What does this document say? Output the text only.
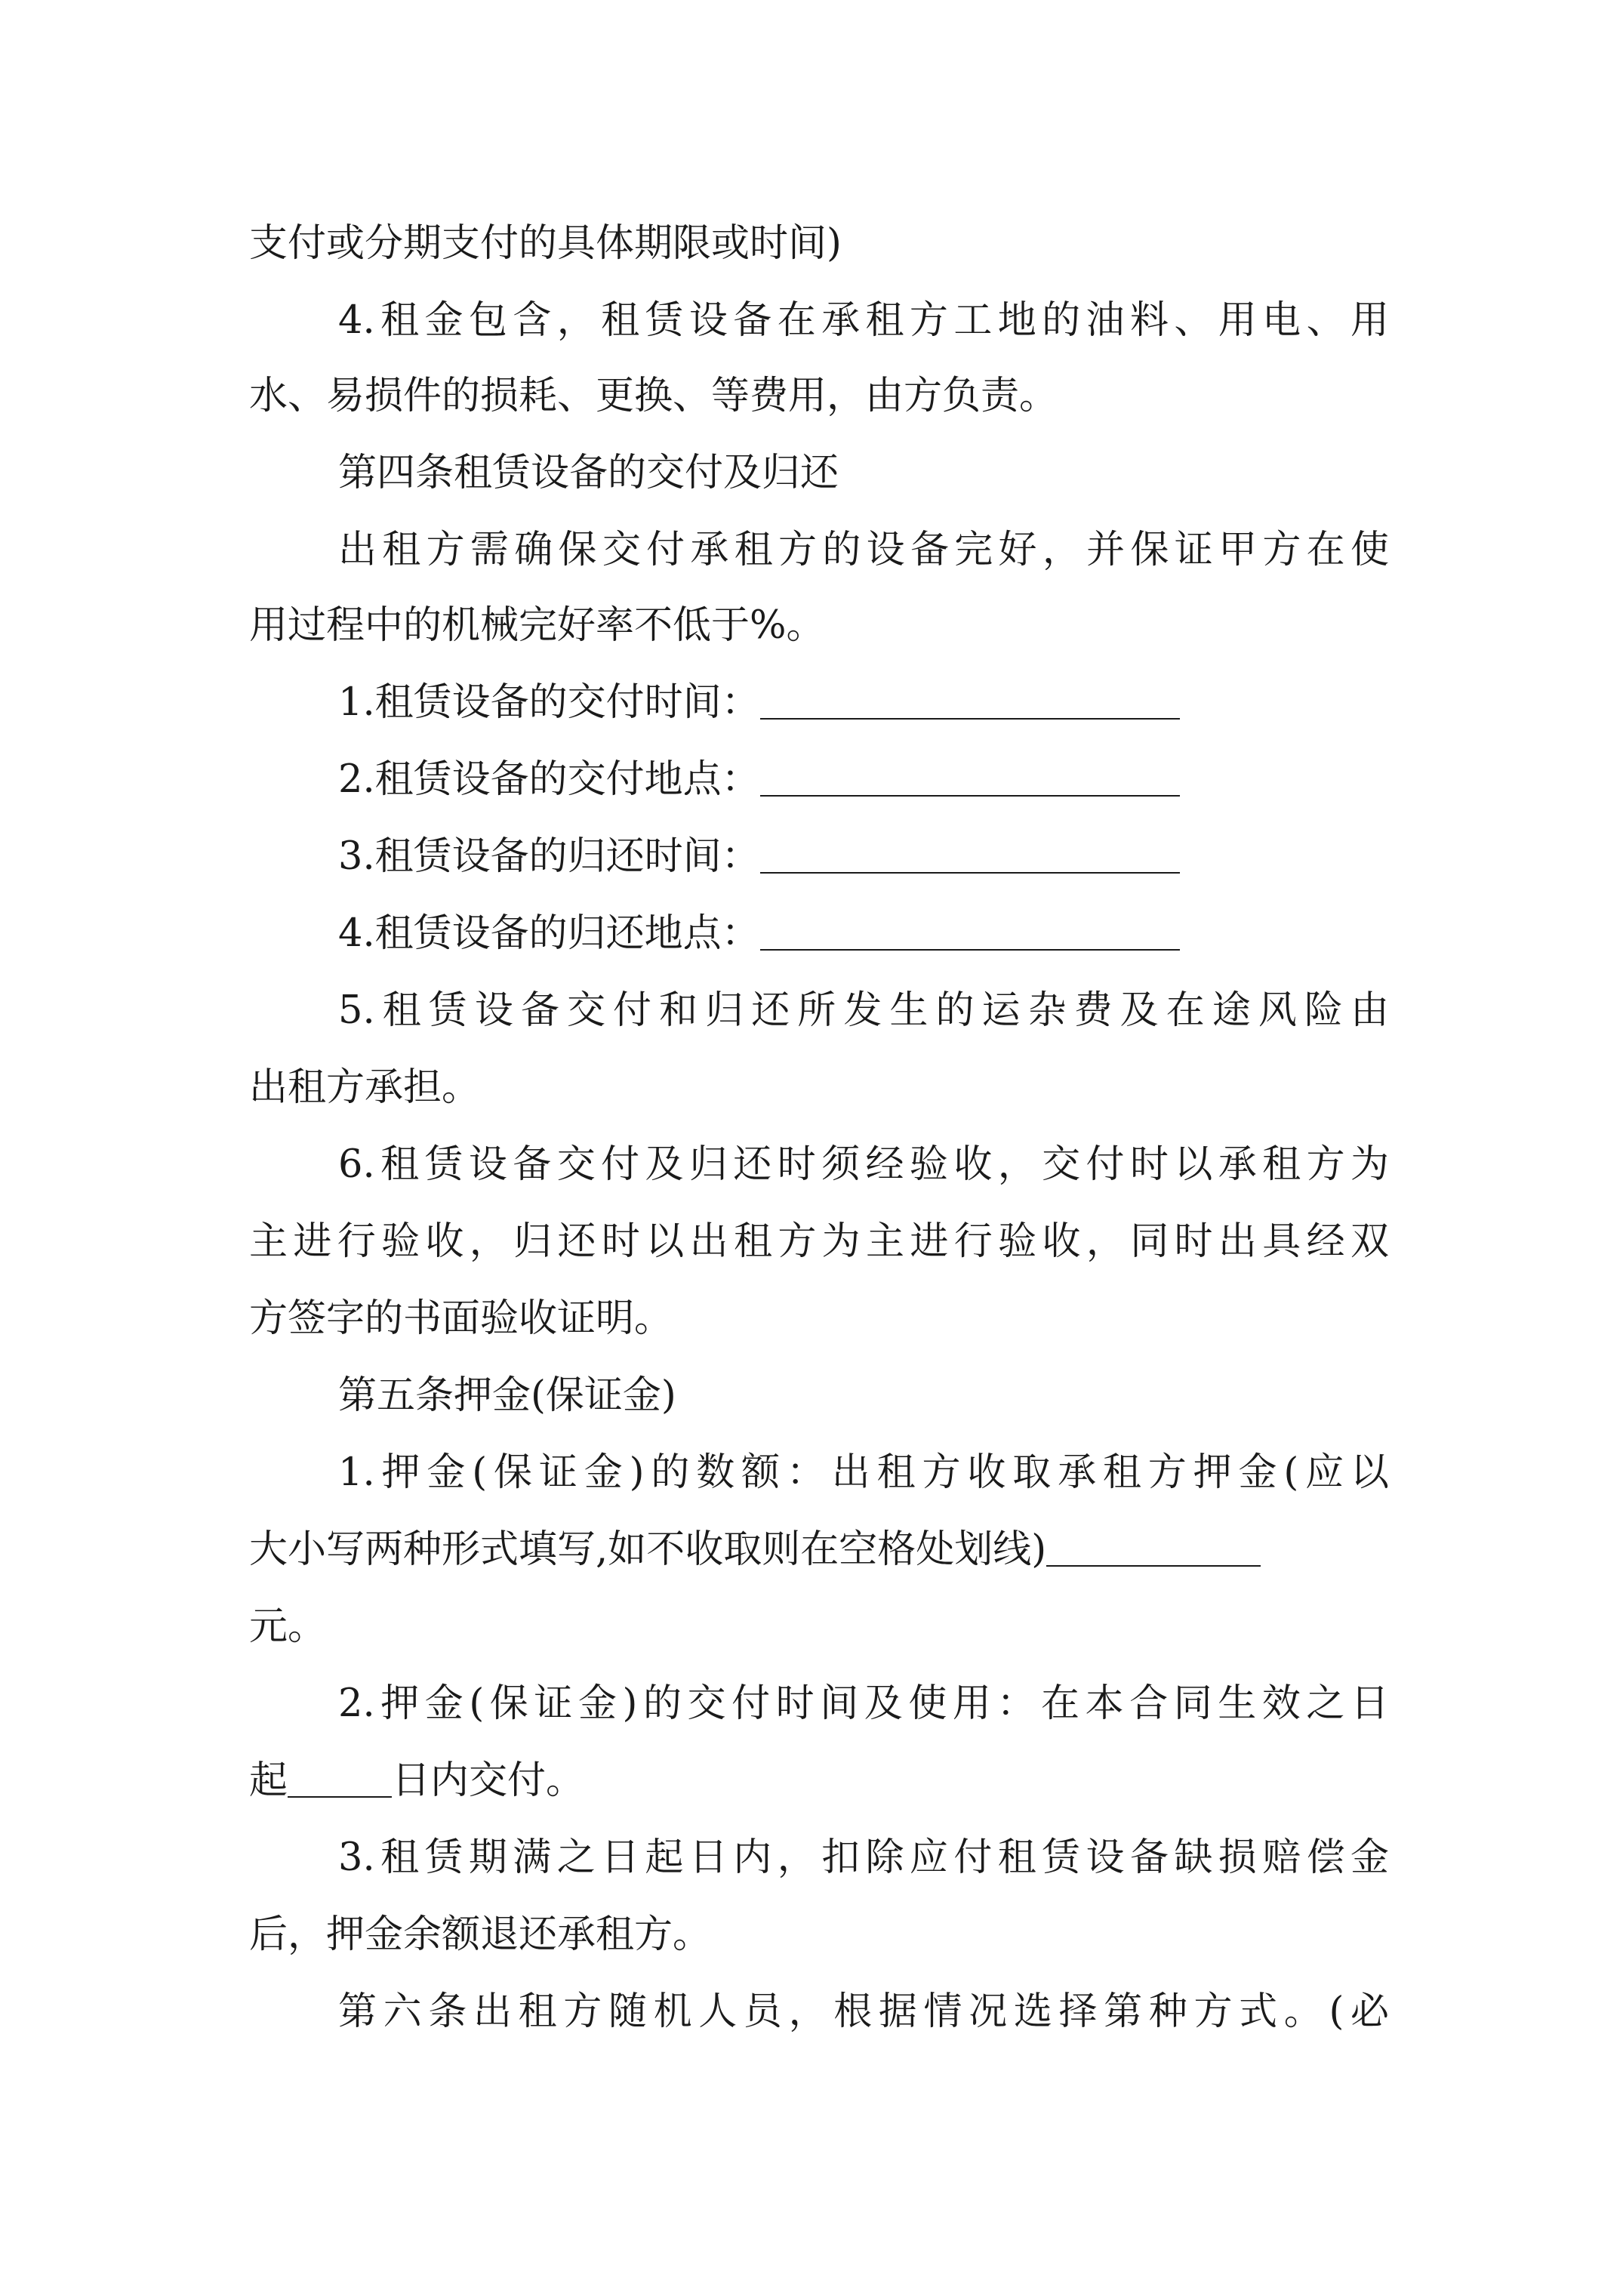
支付或分期支付的具体期限或时间)
4.租金包含，租赁设备在承租方工地的油料、用电、用
水、易损件的损耗、更换、等费用，由方负责。
第四条租赁设备的交付及归还
出租方需确保交付承租方的设备完好，并保证甲方在使
用过程中的机械完好率不低于%。
1.租赁设备的交付时间：
2.租赁设备的交付地点：
3.租赁设备的归还时间：
4.租赁设备的归还地点：
5.租赁设备交付和归还所发生的运杂费及在途风险由
出租方承担。
6.租赁设备交付及归还时须经验收，交付时以承租方为
主进行验收，归还时以出租方为主进行验收，同时出具经双
方签字的书面验收证明。
第五条押金(保证金)
1.押金(保证金)的数额：出租方收取承租方押金(应以
大小写两种形式填写,如不收取则在空格处划线)
元。
2.押金(保证金)的交付时间及使用：在本合同生效之日
起	日内交付。
3.租赁期满之日起日内，扣除应付租赁设备缺损赔偿金
后，押金余额退还承租方。
第六条出租方随机人员，根据情况选择第种方式。(必
